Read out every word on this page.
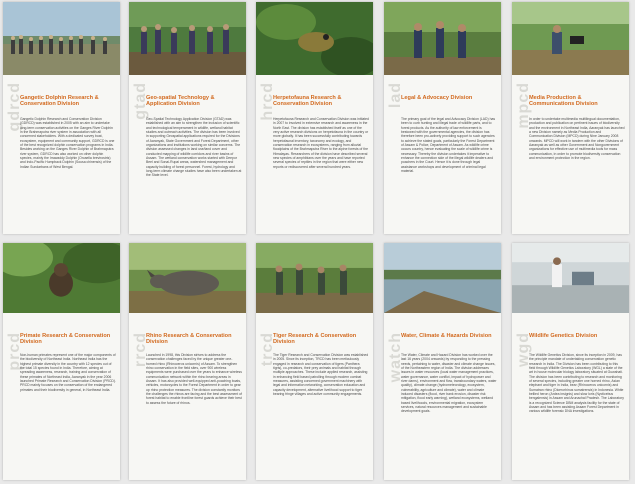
gdrcd
Gangetic Dolphin Research & Conservation Division
Gangetic Dolphin Research and Conservation Division (GDRCD) was established in 2005 with an aim to undertake long-term conservation activities on the Ganges River Dolphin in the Brahmaputra river system in association with all concerned stakeholders. With a dedicated survey boat, ecosystem, equipment and community support, GDRCD is one of the best recognized dolphin conservation programs in India. Besides working on the Ganges River Dolphin of Brahmaputra river system, GDRCD has also worked on other dolphin species, mainly the Irrawaddy Dolphin (Orcaella brevirostris) and Indo-Pacific Humpback Dolphin (Sousa chinensis) of the Indian Sundarbans of West Bengal.
gtad
Geo-spatial Technology & Application Division
Geo-Spatial Technology Application Division (GTAD) was established with an aim to strengthen the inclusion of scientific and technological temperament in wildlife, wetland habitat studies and outreach activities. The division has been involved in supporting Geospatial applications required for the Divisions of Aaranyak, State Government and Forest Department, other organizations and institutions working on similar concerns. The division assessed changes in land use/land cover and conducted mapping of wildlife corridors and river basins of Assam. The wetland conservation works started with Deepor Beel and Sonai-Rupai areas, watershed management and capacity building of forest personnel. Forest, hydrology and long-term climate change studies have also been undertaken at the State level.
hrcd
Herpetofauna Research & Conservation Division
Herpetofauna Research and Conservation Division was initiated in 2007 to involved in extensive research and awareness in the North East. The division has established itself as one of the very active research divisions on herpetofauna in the country or more globally. It has been successfully contributing towards herpetofaunal inventory, taxonomy and ecology, and conservation research in ecosystems, ranging from alluvial floodplains of the Brahmaputra River to the alpine forests of the Himalayas. Researchers of the division have described several new species of amphibians over the years and have reported several species of reptiles in the region that were either new reports or rediscovered after several hundred years.
lad
Legal & Advocacy Division
The primary goal of the legal and Advocacy Division (LAD) has been to curb hunting and illegal trade of wildlife parts, and to forest products. As the authority of law enforcement is bestowed with the governmental agencies, the division has therefore been pro-actively providing support to such agencies to achieve the stated goals, particularly the Forest Department of Assam & Police, Department of Assam. As wildlife crime occurs country, hence evaluating the scale of wildlife crime is necessary. Thereby the division undertakes it imperative to enhance the connection side of the illegal wildlife dealers and poachers in the Court. Hence it is done through legal assistance workshops and development of criminal legal material.
mpcd
Media Production & Communications Division
In order to undertake multimedia multilingual documentation, production and publication on pertinent issues of biodiversity and the environment in Northeast India, Aaranyak has launched a new Division namely as Media Production and Communication Division (MPCD) during Nine January 2008 onwards. MPCD will work in tandem with the other Divisions of Aaranyak as well as other Government and Nongovernment organizations for effective use of multimedia tools for mass communication, in order to promote biodiversity conservation and environment protection in the region.
prcd
Primate Research & Conservation Division
Non-human primates represent one of the major components of the biodiversity of Northeast India. Northeast India has the highest primate diversity in the country with 12 species out of the total 15 species found in India. Therefore, aiming at spreading awareness, research, training and conservation of these primates of Northeast India, Aaranyak in the year 2006 launched Primate Research and Conservation Division (PRCD). PRCD mainly focuses on the conservation of the endangered primates and their biodiversity in general, in Northeast India.
rrcd
Rhino Research & Conservation Division
Launched in 1998, this Division strives to address the conservation challenges faced by the unique greater one-horned rhino (Rhinoceros unicornis) of Assam. To strengthen rhino conservation in the field sites, over 900 wireless equipments were purchased over the years to enhance wireless communication network within the rhino bearing areas in Assam. It has also provided well-equipped anti-poaching boats, vehicles, motorcycles to the Forest Department in order to gear up rhino protection measures. The division constantly monitors the challenges the rhinos are facing and the best assessment of forest habitat to enable frontline forest guards achieve their best to assess the future of rhinos.
trcd
Tiger Research & Conservation Division
The Tiger Research and Conservation Division was established in 2005. Since its inception, TRCD has been meticulously engaged in research and conservation of tigers (Panthera tigris), co-predators, their prey animals and habitat through multiple approaches. These include applied research, assisting in enhancing field based patrolling through modern combat measures, assisting concerned government machinery with legal and information networking, conservation education and capacity development, alternative livelihood support to tiger bearing fringe villages and active community engagements.
watch
Water, Climate & Hazards Division
The Water, Climate and Hazard Division has worked over the last 16 years (2004 onwards) by responding to the pressing needs, pertaining to water, disaster and climate change issues, of the Northeastern region of India. The division addresses issues in water resources (local water management practices, water governance, water conflict, impact of hydropower and river dams), environment and flow, transboundary waters, water quality), climate change (hydrometeorology, ecosystem, vulnerability, agriculture and climate), water and climate induced disasters (flood, river bank erosion, disaster risk mitigation, flood early warning), wetland ecosystems, wetland based livelihoods, environmental migration, ecosystem services, natural resources management and sustainable development goals.
wgd
Wildlife Genetics Division
The Wildlife Genetics Division, since its inception in 2009, has the principle mandate of undertaking conservation genetic research in India. The Division has been contributing to this field through Wildlife Genetics Laboratory (WGL) a state of the art in house molecular biology laboratory situated at Guwahati. The division has been contributing to research and monitoring of several species, including greater one horned rhino, Asian elephant and tiger in India, bear (Rhinoceros unicornis) and Sumatran rhino (Dicerorhinus sumatrensis) in Indonesia. White bellied heron (Ardea insignis) and slow loris (Nycticebus bengalensis) in Assam and Arunachal Pradesh. The Laboratory is a recognized Science DBM analysis facility for the state of Assam and has been assisting Assam Forest Department in various wildlife forensic DNA investigations.
